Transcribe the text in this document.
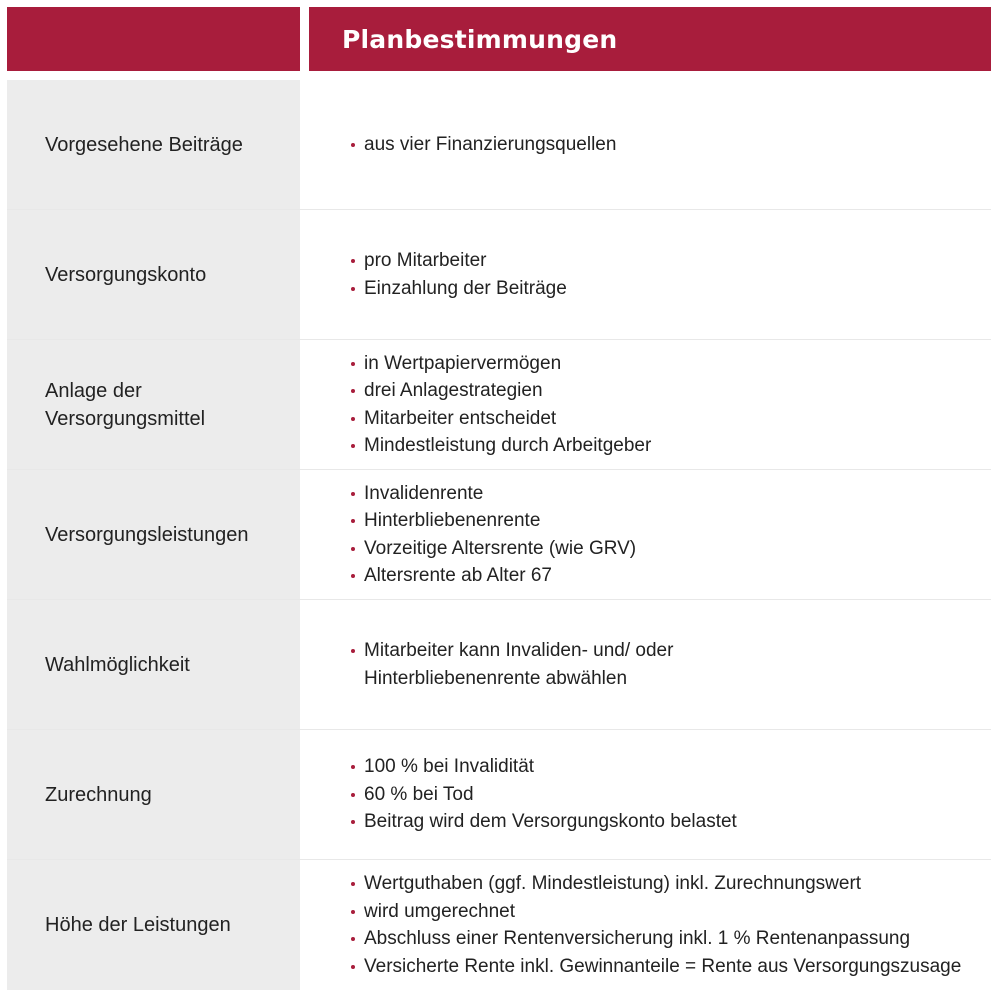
Planbestimmungen
Vorgesehene Beiträge	aus vier Finanzierungsquellen
Versorgungskonto
pro Mitarbeiter
Einzahlung der Beiträge
Anlage der Versorgungsmittel
in Wertpapiervermögen
drei Anlagestrategien
Mitarbeiter entscheidet
Mindestleistung durch Arbeitgeber
Versorgungsleistungen
Invalidenrente
Hinterbliebenenrente
Vorzeitige Altersrente (wie GRV)
Altersrente ab Alter 67
Wahlmöglichkeit
Mitarbeiter kann Invaliden- und/ oder Hinterbliebenenrente abwählen
Zurechnung
100 % bei Invalidität
60 % bei Tod
Beitrag wird dem Versorgungskonto belastet
Höhe der Leistungen
Wertguthaben (ggf. Mindestleistung) inkl. Zurechnungswert
wird umgerechnet
Abschluss einer Rentenversicherung inkl. 1 % Rentenanpassung
Versicherte Rente inkl. Gewinnanteile = Rente aus Versorgungszusage
